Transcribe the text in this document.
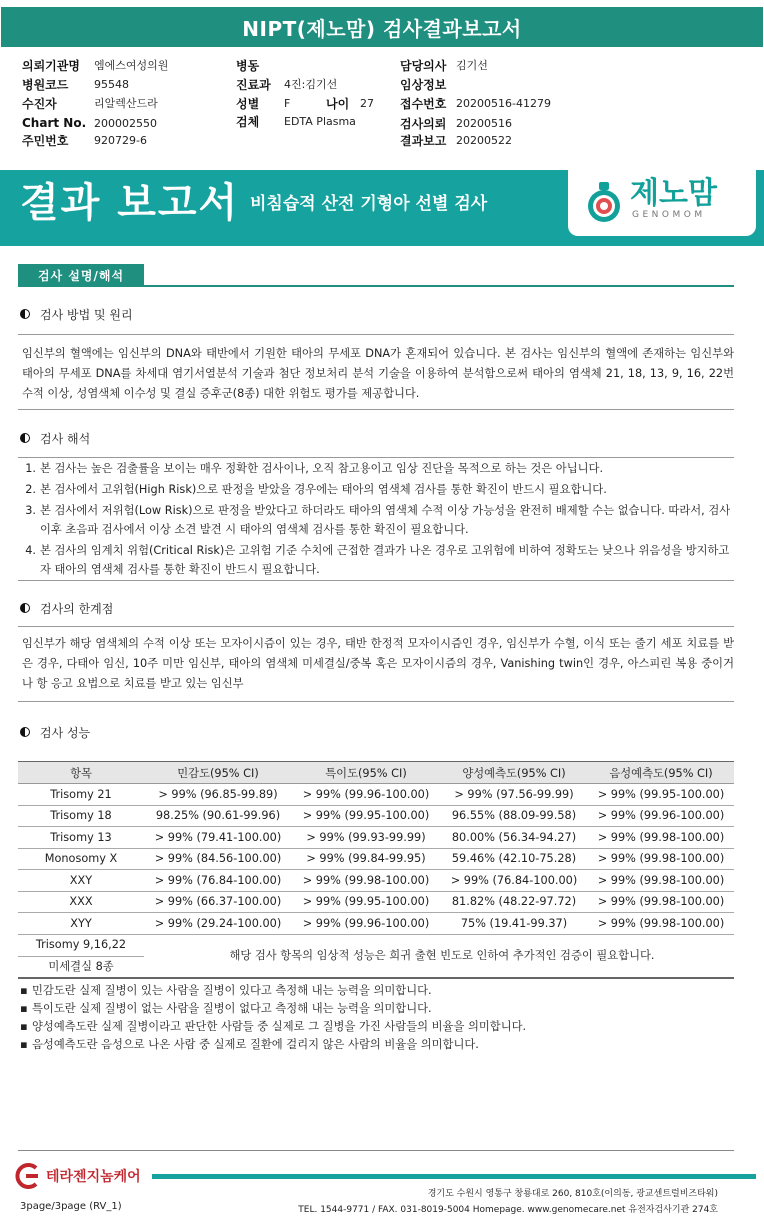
NIPT(제노맘) 검사결과보고서
의뢰기관명 엠에스여성의원
병원코드 95548
수진자	리알렉산드라
Chart No. 200002550
주민번호 920729-6
병동
진료과 4진:김기선
성별 F	나이 27
검체 EDTA Plasma
담당의사 김기선
임상정보
접수번호 20200516-41279
검사의뢰 20200516
결과보고 20200522
결과 보고서 비침습적 산전 기형아 선별 검사	제노맘
GENOMOM
검사 설명/해석
검사 방법 및 원리
임신부의 혈액에는 임신부의 DNA와 태반에서 기원한 태아의 무세포 DNA가 혼재되어 있습니다. 본 검사는 임신부의 혈액에 존재하는 임신부와 태아의 무세포 DNA를 차세대 염기서열분석 기술과 첨단 정보처리 분석 기술을 이용하여 분석함으로써 태아의 염색체 21, 18, 13, 9, 16, 22번 수적 이상, 성염색체 이수성 및 결실 증후군(8종) 대한 위험도 평가를 제공합니다.
검사 해석
1. 본 검사는 높은 검출률을 보이는 매우 정확한 검사이나, 오직 참고용이고 임상 진단을 목적으로 하는 것은 아닙니다.
2. 본 검사에서 고위험(High Risk)으로 판정을 받았을 경우에는 태아의 염색체 검사를 통한 확진이 반드시 필요합니다.
3. 본 검사에서 저위험(Low Risk)으로 판정을 받았다고 하더라도 태아의 염색체 수적 이상 가능성을 완전히 배제할 수는 없습니다. 따라서, 검사 이후 초음파 검사에서 이상 소견 발견 시 태아의 염색체 검사를 통한 확진이 필요합니다.
4. 본 검사의 임계치 위험(Critical Risk)은 고위험 기준 수치에 근접한 결과가 나온 경우로 고위험에 비하여 정확도는 낮으나 위음성을 방지하고자 태아의 염색체 검사를 통한 확진이 반드시 필요합니다.
검사의 한계점
임신부가 해당 염색체의 수적 이상 또는 모자이시즘이 있는 경우, 태반 한정적 모자이시즘인 경우, 임신부가 수혈, 이식 또는 줄기 세포 치료를 받은 경우, 다태아 임신, 10주 미만 임신부, 태아의 염색체 미세결실/중복 혹은 모자이시즘의 경우, Vanishing twin인 경우, 아스피린 복용 중이거나 항 응고 요법으로 치료를 받고 있는 임신부
검사 성능
항목	민감도(95% CI)	특이도(95% CI)	양성예측도(95% CI)	음성예측도(95% CI)
Trisomy 21	> 99% (96.85-99.89)	> 99% (99.96-100.00)	> 99% (97.56-99.99)	> 99% (99.95-100.00)
Trisomy 18	98.25% (90.61-99.96)	> 99% (99.95-100.00)	96.55% (88.09-99.58)	> 99% (99.96-100.00)
Trisomy 13	> 99% (79.41-100.00)	> 99% (99.93-99.99)	80.00% (56.34-94.27)	> 99% (99.98-100.00)
Monosomy X	> 99% (84.56-100.00)	> 99% (99.84-99.95)	59.46% (42.10-75.28)	> 99% (99.98-100.00)
XXY	> 99% (76.84-100.00)	> 99% (99.98-100.00)	> 99% (76.84-100.00)	> 99% (99.98-100.00)
XXX	> 99% (66.37-100.00)	> 99% (99.95-100.00)	81.82% (48.22-97.72)	> 99% (99.98-100.00)
XYY	> 99% (29.24-100.00)	> 99% (99.96-100.00)	75% (19.41-99.37)	> 99% (99.98-100.00)
Trisomy 9,16,22
미세결실 8종
해당 검사 항목의 임상적 성능은 희귀 출현 빈도로 인하여 추가적인 검증이 필요합니다.
▪ 민감도란 실제 질병이 있는 사람을 질병이 있다고 측정해 내는 능력을 의미합니다.
▪ 특이도란 실제 질병이 없는 사람을 질병이 없다고 측정해 내는 능력을 의미합니다.
▪ 양성예측도란 실제 질병이라고 판단한 사람들 중 실제로 그 질병을 가진 사람들의 비율을 의미합니다.
▪ 음성예측도란 음성으로 나온 사람 중 실제로 질환에 걸리지 않은 사람의 비율을 의미합니다.
테라젠지놈케어
3page/3page (RV_1)
경기도 수원시 영통구 창룡대로 260, 810호(이의동, 광교센트럴비즈타워)
TEL. 1544-9771 / FAX. 031-8019-5004 Homepage. www.genomecare.net 유전자검사기관 274호
